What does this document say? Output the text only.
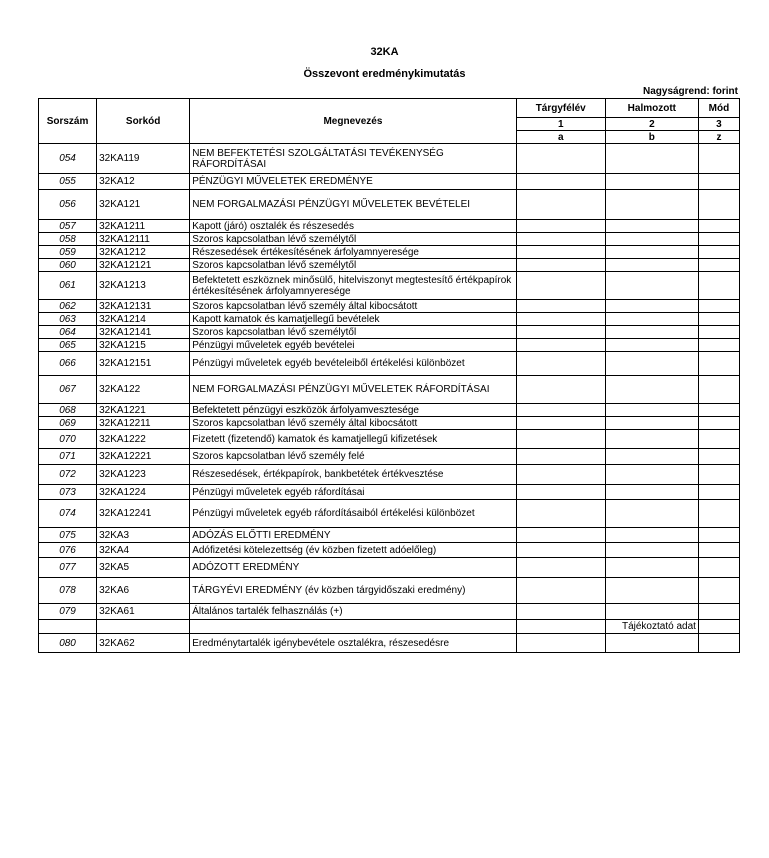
32KA
Összevont eredménykimutatás
Nagyságrend: forint
Sorszám	Sorkód	Megnevezés	Tárgyfélév	Halmozott	Mód
			1	2	3
			a	b	z
054	32KA119	NEM BEFEKTETÉSI SZOLGÁLTATÁSI TEVÉKENYSÉG RÁFORDÍTÁSAI			
055	32KA12	PÉNZÜGYI MŰVELETEK EREDMÉNYE			
056	32KA121	NEM FORGALMAZÁSI PÉNZÜGYI MŰVELETEK BEVÉTELEI			
057	32KA1211	Kapott (járó) osztalék és részesedés			
058	32KA12111	Szoros kapcsolatban lévő személytől			
059	32KA1212	Részesedések értékesítésének árfolyamnyeresége			
060	32KA12121	Szoros kapcsolatban lévő személytől			
061	32KA1213	Befektetett eszköznek minősülő, hitelviszonyt megtestesítő értékpapírok értékesítésének árfolyamnyeresége			
062	32KA12131	Szoros kapcsolatban lévő személy által kibocsátott			
063	32KA1214	Kapott kamatok és kamatjellegű bevételek			
064	32KA12141	Szoros kapcsolatban lévő személytől			
065	32KA1215	Pénzügyi műveletek egyéb bevételei			
066	32KA12151	Pénzügyi műveletek egyéb bevételeiből értékelési különbözet			
067	32KA122	NEM FORGALMAZÁSI PÉNZÜGYI MŰVELETEK RÁFORDÍTÁSAI			
068	32KA1221	Befektetett pénzügyi eszközök árfolyamvesztesége			
069	32KA12211	Szoros kapcsolatban lévő személy által kibocsátott			
070	32KA1222	Fizetett (fizetendő) kamatok és kamatjellegű kifizetések			
071	32KA12221	Szoros kapcsolatban lévő személy felé			
072	32KA1223	Részesedések, értékpapírok, bankbetétek értékvesztése			
073	32KA1224	Pénzügyi műveletek egyéb ráfordításai			
074	32KA12241	Pénzügyi műveletek egyéb ráfordításaiból értékelési különbözet			
075	32KA3	ADÓZÁS ELŐTTI EREDMÉNY			
076	32KA4	Adófizetési kötelezettség (év közben fizetett adóelőleg)			
077	32KA5	ADÓZOTT EREDMÉNY			
078	32KA6	TÁRGYÉVI EREDMÉNY (év közben tárgyidőszaki eredmény)			
079	32KA61	Általános tartalék felhasználás (+)			
				Tájékoztató adat	
080	32KA62	Eredménytartalék igénybevétele osztalékra, részesedésre			
